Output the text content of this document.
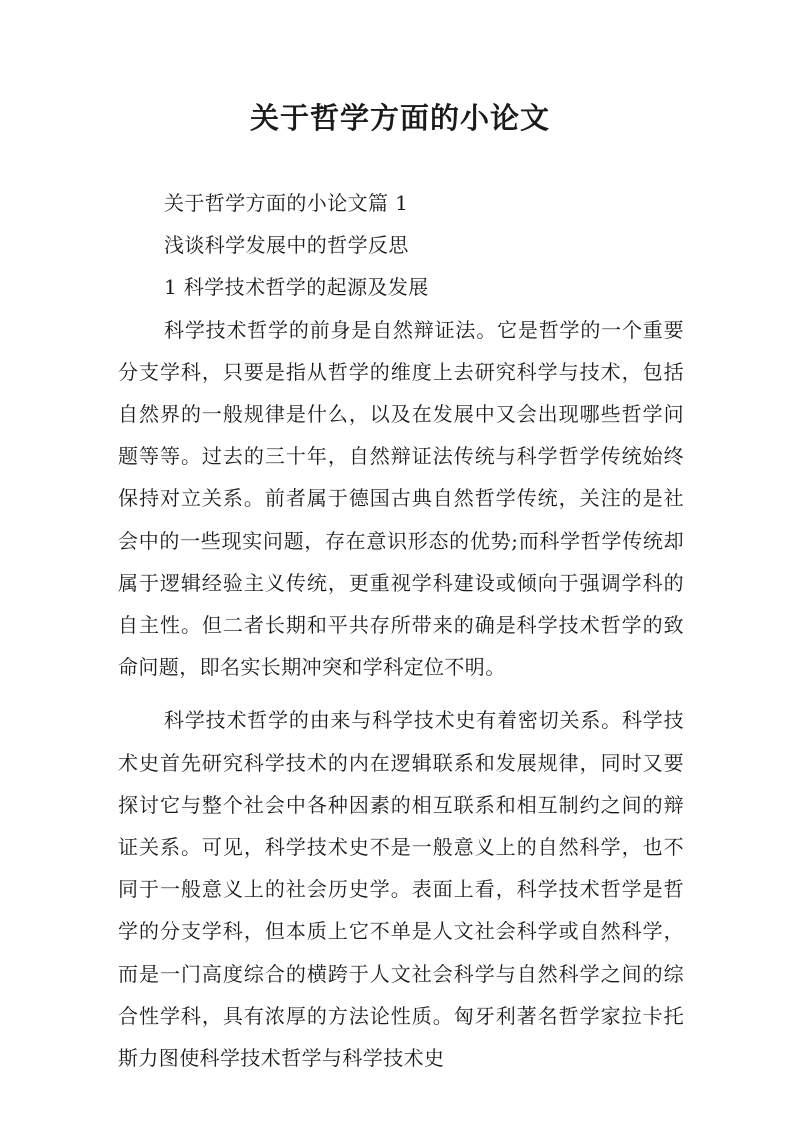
关于哲学方面的小论文

关于哲学方面的小论文篇 1

浅谈科学发展中的哲学反思

1 科学技术哲学的起源及发展

科学技术哲学的前身是自然辩证法。它是哲学的一个重要分支学科，只要是指从哲学的维度上去研究科学与技术，包括自然界的一般规律是什么，以及在发展中又会出现哪些哲学问题等等。过去的三十年，自然辩证法传统与科学哲学传统始终保持对立关系。前者属于德国古典自然哲学传统，关注的是社会中的一些现实问题，存在意识形态的优势;而科学哲学传统却属于逻辑经验主义传统，更重视学科建设或倾向于强调学科的自主性。但二者长期和平共存所带来的确是科学技术哲学的致命问题，即名实长期冲突和学科定位不明。

科学技术哲学的由来与科学技术史有着密切关系。科学技术史首先研究科学技术的内在逻辑联系和发展规律，同时又要探讨它与整个社会中各种因素的相互联系和相互制约之间的辩证关系。可见，科学技术史不是一般意义上的自然科学，也不同于一般意义上的社会历史学。表面上看，科学技术哲学是哲学的分支学科，但本质上它不单是人文社会科学或自然科学，而是一门高度综合的横跨于人文社会科学与自然科学之间的综合性学科，具有浓厚的方法论性质。匈牙利著名哲学家拉卡托斯力图使科学技术哲学与科学技术史
